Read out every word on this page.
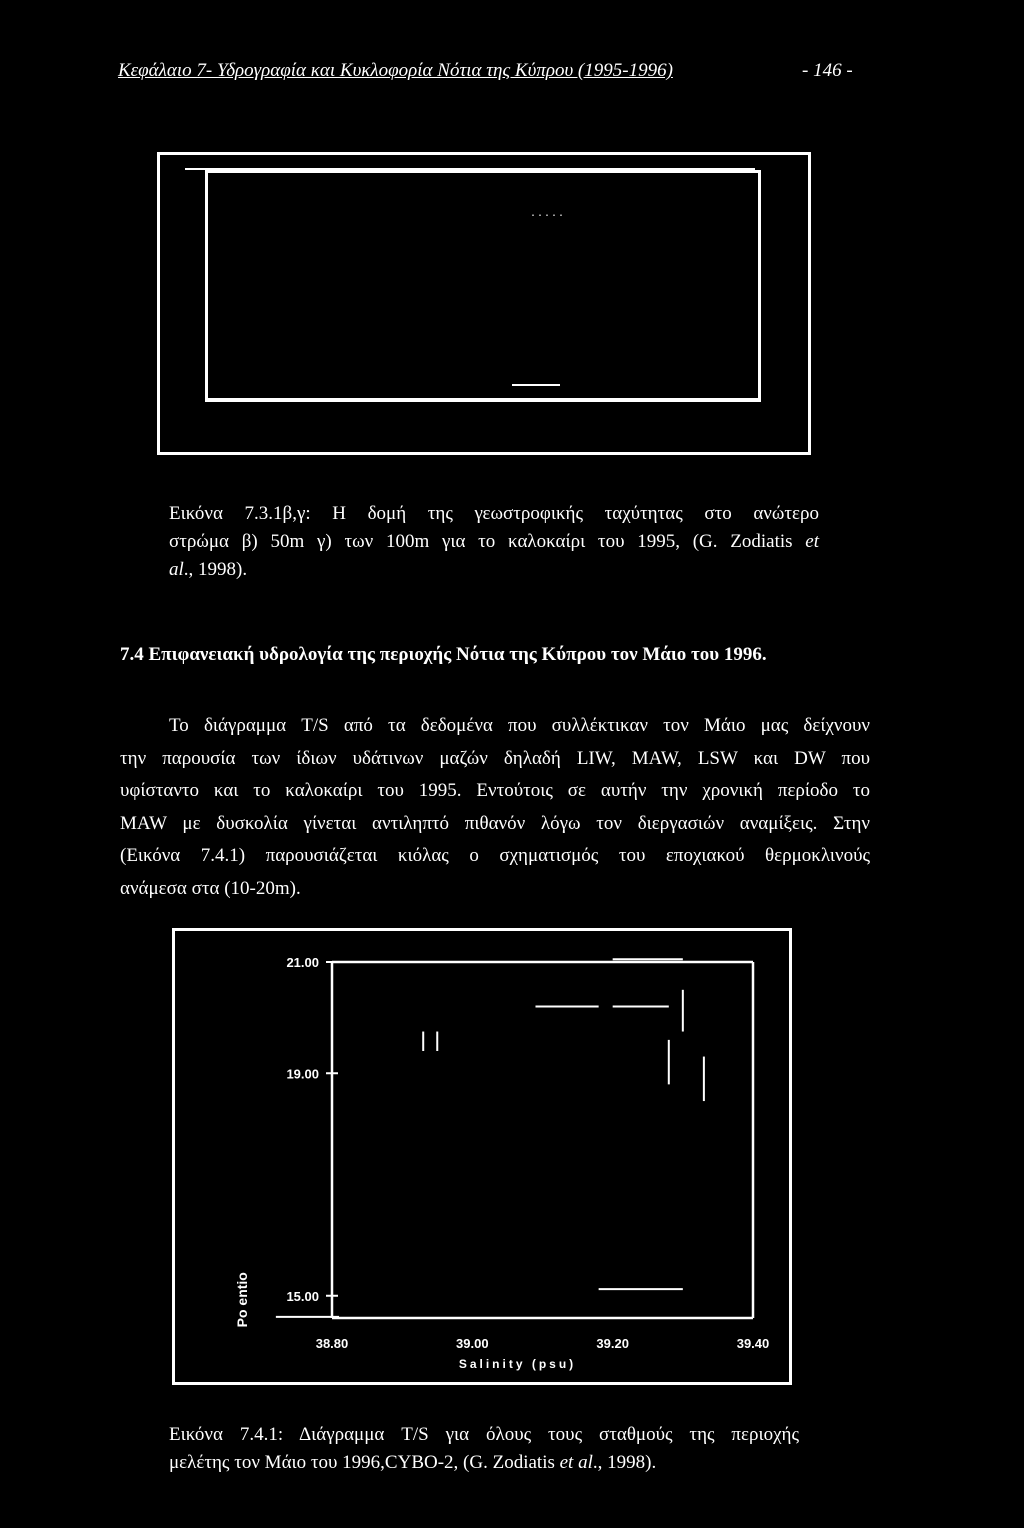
Κεφάλαιο 7- Υδρογραφία και Κυκλοφορία Νότια της Κύπρου (1995-1996)	- 146 -
.....
Εικόνα 7.3.1β,γ: Η δομή της γεωστροφικής ταχύτητας στο ανώτερο
στρώμα β) 50m γ) των 100m για το καλοκαίρι του 1995, (G. Zodiatis et
al., 1998).
7.4 Επιφανειακή υδρολογία της περιοχής Νότια της Κύπρου τον Μάιο του 1996.
Το διάγραμμα T/S από τα δεδομένα που συλλέκτικαν τον Μάιο μας δείχνουν
την παρουσία των ίδιων υδάτινων μαζών δηλαδή LIW, MAW, LSW και DW που
υφίσταντο και το καλοκαίρι του 1995. Εντούτοις σε αυτήν την χρονική περίοδο το
MAW με δυσκολία γίνεται αντιληπτό πιθανόν λόγω τον διεργασιών αναμίξεις. Στην
(Εικόνα 7.4.1) παρουσιάζεται κιόλας ο σχηματισμός του εποχιακού θερμοκλινούς
ανάμεσα στα (10-20m).
21.00
19.00
15.00
38.80	39.00	39.20	39.40
Salinity (psu)
Po entio
Εικόνα 7.4.1: Διάγραμμα T/S για όλους τους σταθμούς της περιοχής
μελέτης τον Μάιο του 1996,CYBO-2, (G. Zodiatis et al., 1998).
